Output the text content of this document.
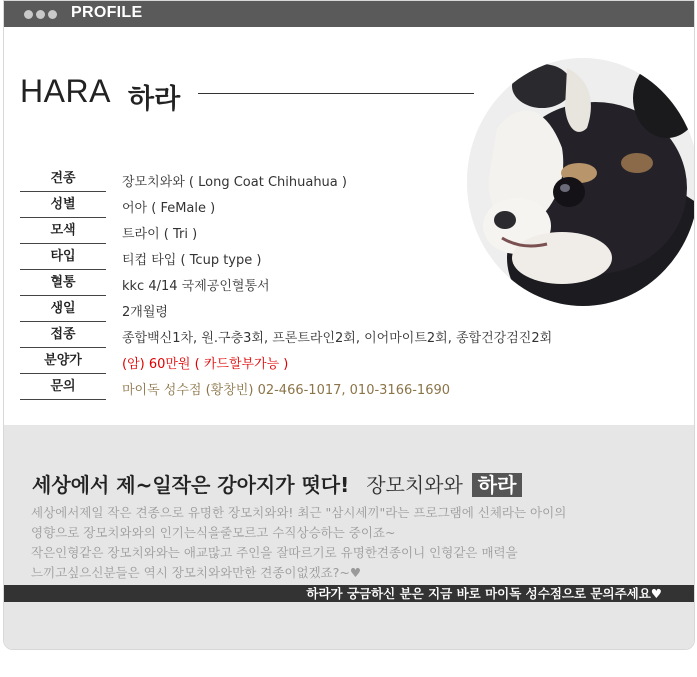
PROFILE
HARA 하라
견종	장모치와와 ( Long Coat Chihuahua )
성별	어아 ( FeMale )
모색	트라이 ( Tri )
타입	티컵 타입 ( Tcup type )
혈통	kkc 4/14 국제공인혈통서
생일	2개월령
접종	종합백신1차, 원.구충3회, 프론트라인2회, 이어마이트2회, 종합건강검진2회
분양가	(암) 60만원 ( 카드할부가능 )
문의	마이독 성수점 (황창빈) 02-466-1017, 010-3166-1690
세상에서 제~일작은 강아지가 떳다! 장모치와와 하라
세상에서제일 작은 견종으로 유명한 장모치와와! 최근 "삼시세끼"라는 프로그램에 신체라는 아이의
영향으로 장모치와와의 인기는식을줄모르고 수직상승하는 중이죠~
작은인형같은 장모치와와는 애교많고 주인을 잘따르기로 유명한견종이니 인형같은 매력을
느끼고싶으신분들은 역시 장모치와와만한 견종이없겠죠?~♥
하라가 궁금하신 분은 지금 바로 마이독 성수점으로 문의주세요♥
